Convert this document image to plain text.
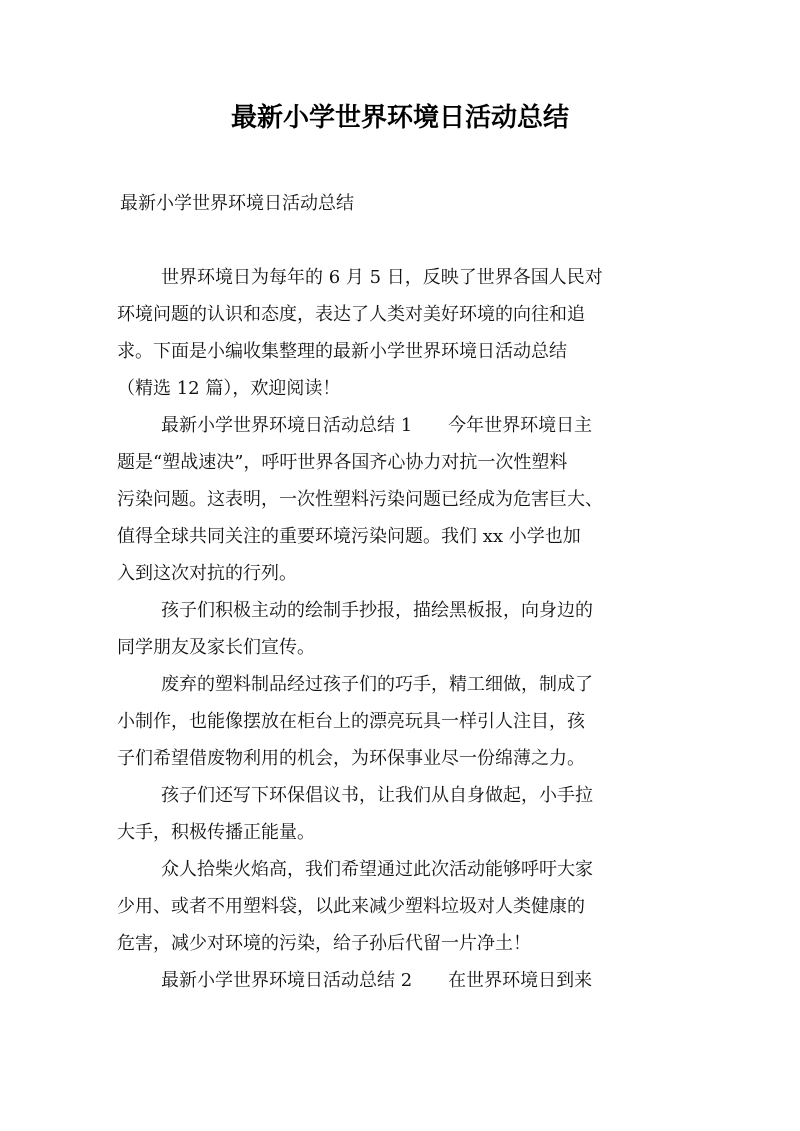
最新小学世界环境日活动总结

最新小学世界环境日活动总结

世界环境日为每年的 6 月 5 日，反映了世界各国人民对
环境问题的认识和态度，表达了人类对美好环境的向往和追
求。下面是小编收集整理的最新小学世界环境日活动总结
（精选 12 篇），欢迎阅读！
最新小学世界环境日活动总结 1　　今年世界环境日主
题是“塑战速决”，呼吁世界各国齐心协力对抗一次性塑料
污染问题。这表明，一次性塑料污染问题已经成为危害巨大、
值得全球共同关注的重要环境污染问题。我们 xx 小学也加
入到这次对抗的行列。
孩子们积极主动的绘制手抄报，描绘黑板报，向身边的
同学朋友及家长们宣传。
废弃的塑料制品经过孩子们的巧手，精工细做，制成了
小制作，也能像摆放在柜台上的漂亮玩具一样引人注目，孩
子们希望借废物利用的机会，为环保事业尽一份绵薄之力。
孩子们还写下环保倡议书，让我们从自身做起，小手拉
大手，积极传播正能量。
众人拾柴火焰高，我们希望通过此次活动能够呼吁大家
少用、或者不用塑料袋，以此来减少塑料垃圾对人类健康的
危害，减少对环境的污染，给子孙后代留一片净土！
最新小学世界环境日活动总结 2　　在世界环境日到来
